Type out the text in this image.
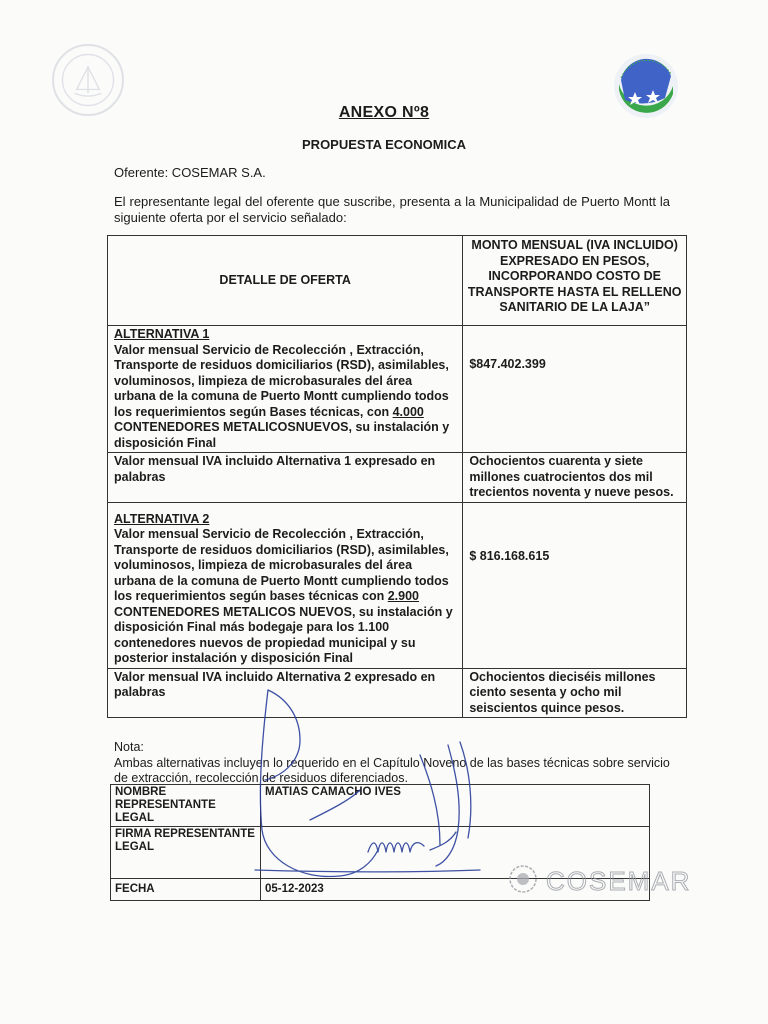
ANEXO Nº8
PROPUESTA ECONOMICA
Oferente: COSEMAR S.A.
El representante legal del oferente que suscribe, presenta a la Municipalidad de Puerto Montt la siguiente oferta por el servicio señalado:
DETALLE DE OFERTA	MONTO MENSUAL (IVA INCLUIDO) EXPRESADO EN PESOS, INCORPORANDO COSTO DE TRANSPORTE HASTA EL RELLENO SANITARIO DE LA LAJA”

ALTERNATIVA 1
Valor mensual Servicio de Recolección , Extracción, Transporte de residuos domiciliarios (RSD), asimilables, voluminosos, limpieza de microbasurales del área urbana de la comuna de Puerto Montt cumpliendo todos los requerimientos según Bases técnicas, con 4.000 CONTENEDORES METALICOSNUEVOS, su instalación y disposición Final	$847.402.399
Valor mensual IVA incluido Alternativa 1 expresado en palabras	Ochocientos cuarenta y siete millones cuatrocientos dos mil trecientos noventa y nueve pesos.

ALTERNATIVA 2
Valor mensual Servicio de Recolección , Extracción, Transporte de residuos domiciliarios (RSD), asimilables, voluminosos, limpieza de microbasurales del área urbana de la comuna de Puerto Montt cumpliendo todos los requerimientos según bases técnicas con 2.900 CONTENEDORES METALICOS NUEVOS, su instalación y disposición Final más bodegaje para los 1.100 contenedores nuevos de propiedad municipal y su posterior instalación y disposición Final	$ 816.168.615
Valor mensual IVA incluido Alternativa 2 expresado en palabras	Ochocientos dieciséis millones ciento sesenta y ocho mil seiscientos quince pesos.
Nota:
Ambas alternativas incluyen lo requerido en el Capítulo Noveno de las bases técnicas sobre servicio de extracción, recolección de residuos diferenciados.
NOMBRE REPRESENTANTE LEGAL	MATIAS CAMACHO IVES
FIRMA REPRESENTANTE LEGAL	
FECHA	05-12-2023	COSEMAR
